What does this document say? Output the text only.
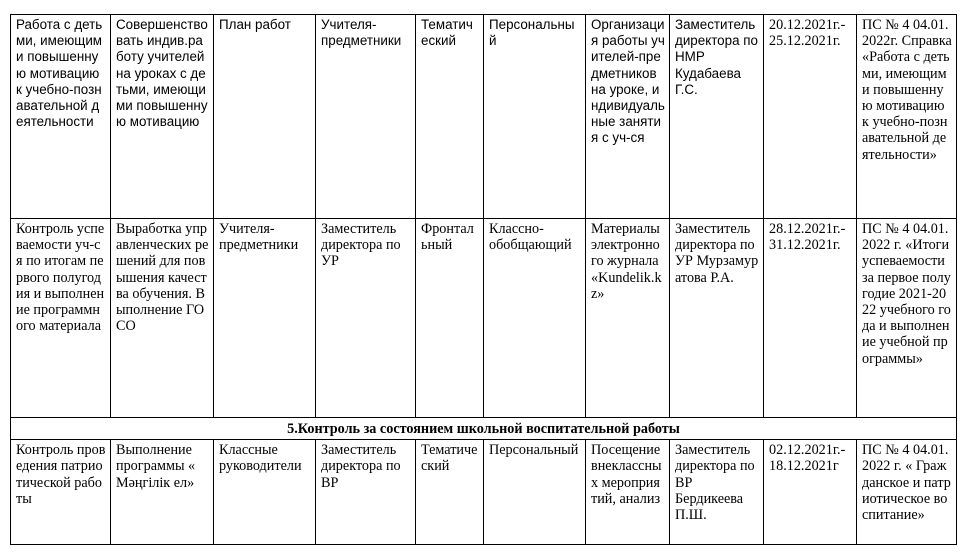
Работа с детьми, имеющими повышенную мотивацию к учебно-познавательной деятельности	Совершенствовать индив.работу учителей на уроках с детьми, имеющими повышенную мотивацию	План работ	Учителя-предметники	Тематический	Персональный	Организация работы учителей-предметников на уроке, индивидуальные занятия с уч-ся	Заместитель директора по НМР Кудабаева Г.С.	20.12.2021г.-25.12.2021г.	ПС № 4 04.01.2022г. Справка «Работа с детьми, имеющими повышенную мотивацию к учебно-познавательной деятельности»
Контроль успеваемости уч-ся по итогам первого полугодия и выполнение программного материала	Выработка управленческих решений для повышения качества обучения. Выполнение ГОСО	Учителя-предметники	Заместитель директора по УР	Фронтальный	Классно-обобщающий	Материалы электронного журнала «Kundelik.kz»	Заместитель директора по УР Мурзамуратова Р.А.	28.12.2021г.-31.12.2021г.	ПС № 4 04.01.2022 г. «Итоги успеваемости за первое полугодие 2021-2022 учебного года и выполнение учебной программы»
5.Контроль за состоянием школьной воспитательной работы									
Контроль проведения патриотической работы	Выполнение программы « Мәңгілік ел»	Классные руководители	Заместитель директора по ВР	Тематический	Персональный	Посещение внеклассных мероприятий, анализ	Заместитель директора по ВР Бердикеева П.Ш.	02.12.2021г.-18.12.2021г	ПС № 4 04.01.2022 г. « Гражданское и патриотическое воспитание»
